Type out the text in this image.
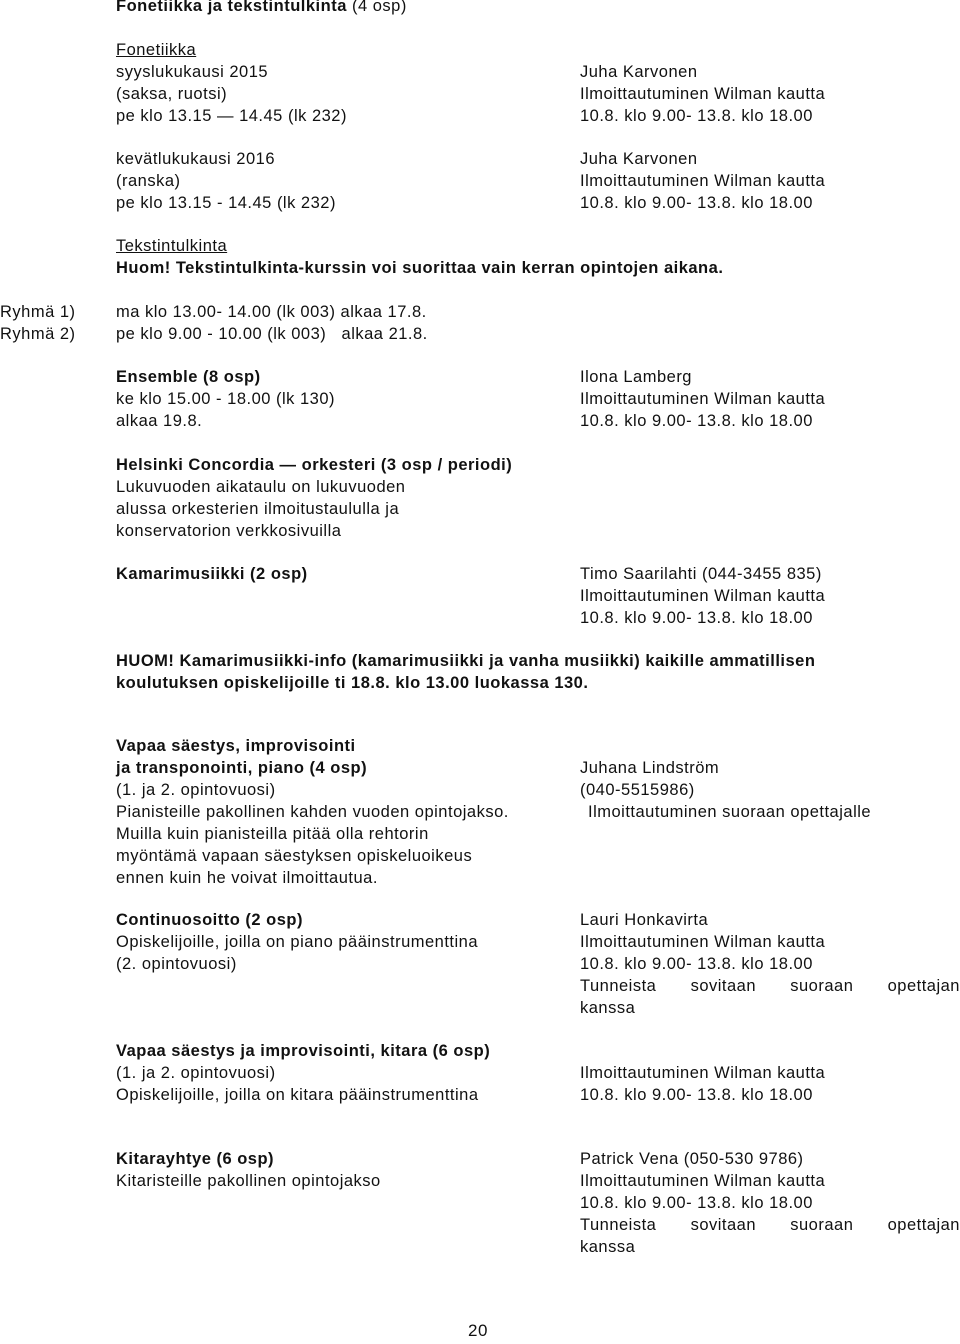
Fonetiikka ja tekstintulkinta (4 osp)
Fonetiikka
syyslukukausi 2015
(saksa, ruotsi)
pe klo 13.15 — 14.45 (lk 232)
Juha Karvonen
Ilmoittautuminen Wilman kautta
10.8. klo 9.00- 13.8. klo 18.00
kevätlukukausi 2016
(ranska)
pe klo 13.15 - 14.45 (lk 232)
Juha Karvonen
Ilmoittautuminen Wilman kautta
10.8. klo 9.00- 13.8. klo 18.00
Tekstintulkinta
Huom! Tekstintulkinta-kurssin voi suorittaa vain kerran opintojen aikana.
Ryhmä 1) ma klo 13.00- 14.00 (lk 003) alkaa 17.8.
Ryhmä 2) pe klo 9.00 - 10.00 (lk 003)   alkaa 21.8.
Ensemble (8 osp)
ke klo 15.00 - 18.00 (lk 130)
alkaa 19.8.
Ilona Lamberg
Ilmoittautuminen Wilman kautta
10.8. klo 9.00- 13.8. klo 18.00
Helsinki Concordia — orkesteri (3 osp / periodi)
Lukuvuoden aikataulu on lukuvuoden
alussa orkesterien ilmoitustaululla ja
konservatorion verkkosivuilla
Kamarimusiikki (2 osp)	Timo Saarilahti (044-3455 835)
Ilmoittautuminen Wilman kautta
10.8. klo 9.00- 13.8. klo 18.00
HUOM! Kamarimusiikki-info (kamarimusiikki ja vanha musiikki) kaikille ammatillisen
koulutuksen opiskelijoille ti 18.8. klo 13.00 luokassa 130.
Vapaa säestys, improvisointi
ja transponointi, piano (4 osp)
(1. ja 2. opintovuosi)
Pianisteille pakollinen kahden vuoden opintojakso.
Muilla kuin pianisteilla pitää olla rehtorin
myöntämä vapaan säestyksen opiskeluoikeus
ennen kuin he voivat ilmoittautua.
Juhana Lindström
(040-5515986)
Ilmoittautuminen suoraan opettajalle
Continuosoitto (2 osp)
Opiskelijoille, joilla on piano pääinstrumenttina
(2. opintovuosi)
Lauri Honkavirta
Ilmoittautuminen Wilman kautta
10.8. klo 9.00- 13.8. klo 18.00
Tunneista sovitaan suoraan opettajan
kanssa
Vapaa säestys ja improvisointi, kitara (6 osp)
(1. ja 2. opintovuosi)
Opiskelijoille, joilla on kitara pääinstrumenttina
Ilmoittautuminen Wilman kautta
10.8. klo 9.00- 13.8. klo 18.00
Kitarayhtye (6 osp)
Kitaristeille pakollinen opintojakso
Patrick Vena (050-530 9786)
Ilmoittautuminen Wilman kautta
10.8. klo 9.00- 13.8. klo 18.00
Tunneista sovitaan suoraan opettajan
kanssa
20
